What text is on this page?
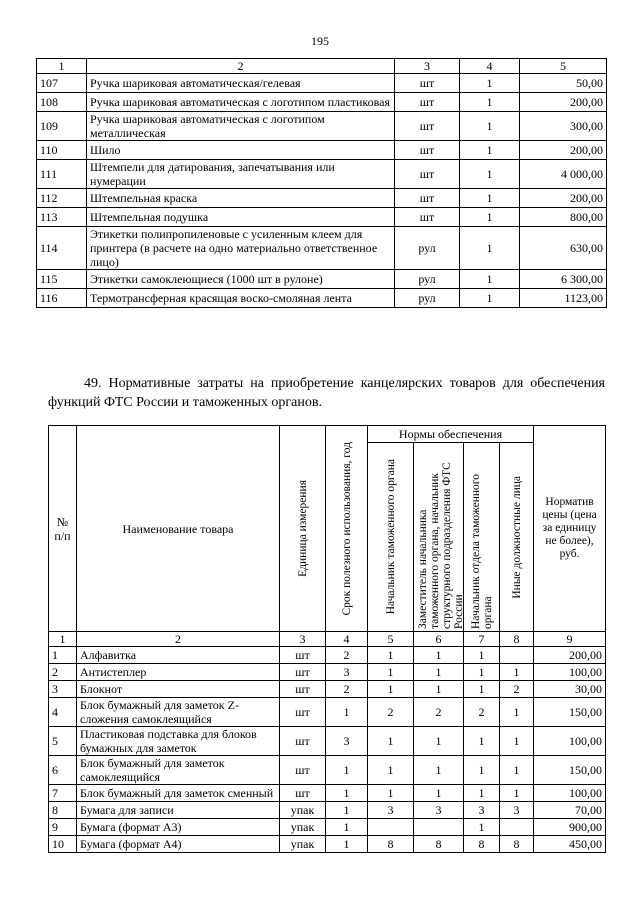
195
1	2	3	4	5
107	Ручка шариковая автоматическая/гелевая	шт	1	50,00
108	Ручка шариковая автоматическая с логотипом пластиковая	шт	1	200,00
109	Ручка шариковая автоматическая с логотипом металлическая	шт	1	300,00
110	Шило	шт	1	200,00
111	Штемпели для датирования, запечатывания или нумерации	шт	1	4 000,00
112	Штемпельная краска	шт	1	200,00
113	Штемпельная подушка	шт	1	800,00
114	Этикетки полипропиленовые с усиленным клеем для принтера (в расчете на одно материально ответственное лицо)	рул	1	630,00
115	Этикетки самоклеющиеся (1000 шт в рулоне)	рул	1	6 300,00
116	Термотрансферная красящая воско-смоляная лента	рул	1	1123,00
49. Нормативные затраты на приобретение канцелярских товаров для обеспечения функций ФТС России и таможенных органов.
№ п/п	Наименование товара	Единица измерения	Срок полезного использования, год	Нормы обеспечения				Норматив цены (цена за единицу не более), руб.

				Начальник таможенного органа	Заместитель начальника таможенного органа, начальник структурного подразделения ФТС России	Начальник отдела таможенного органа	Иные должностные лица	

1	2	3	4	5	6	7	8	9
1	Алфавитка	шт	2	1	1	1		200,00
2	Антистеплер	шт	3	1	1	1	1	100,00
3	Блокнот	шт	2	1	1	1	2	30,00
4	Блок бумажный для заметок Z-сложения самоклеящийся	шт	1	2	2	2	1	150,00
5	Пластиковая подставка для блоков бумажных для заметок	шт	3	1	1	1	1	100,00
6	Блок бумажный для заметок самоклеящийся	шт	1	1	1	1	1	150,00
7	Блок бумажный для заметок сменный	шт	1	1	1	1	1	100,00
8	Бумага для записи	упак	1	3	3	3	3	70,00
9	Бумага (формат А3)	упак	1			1		900,00
10	Бумага (формат А4)	упак	1	8	8	8	8	450,00
